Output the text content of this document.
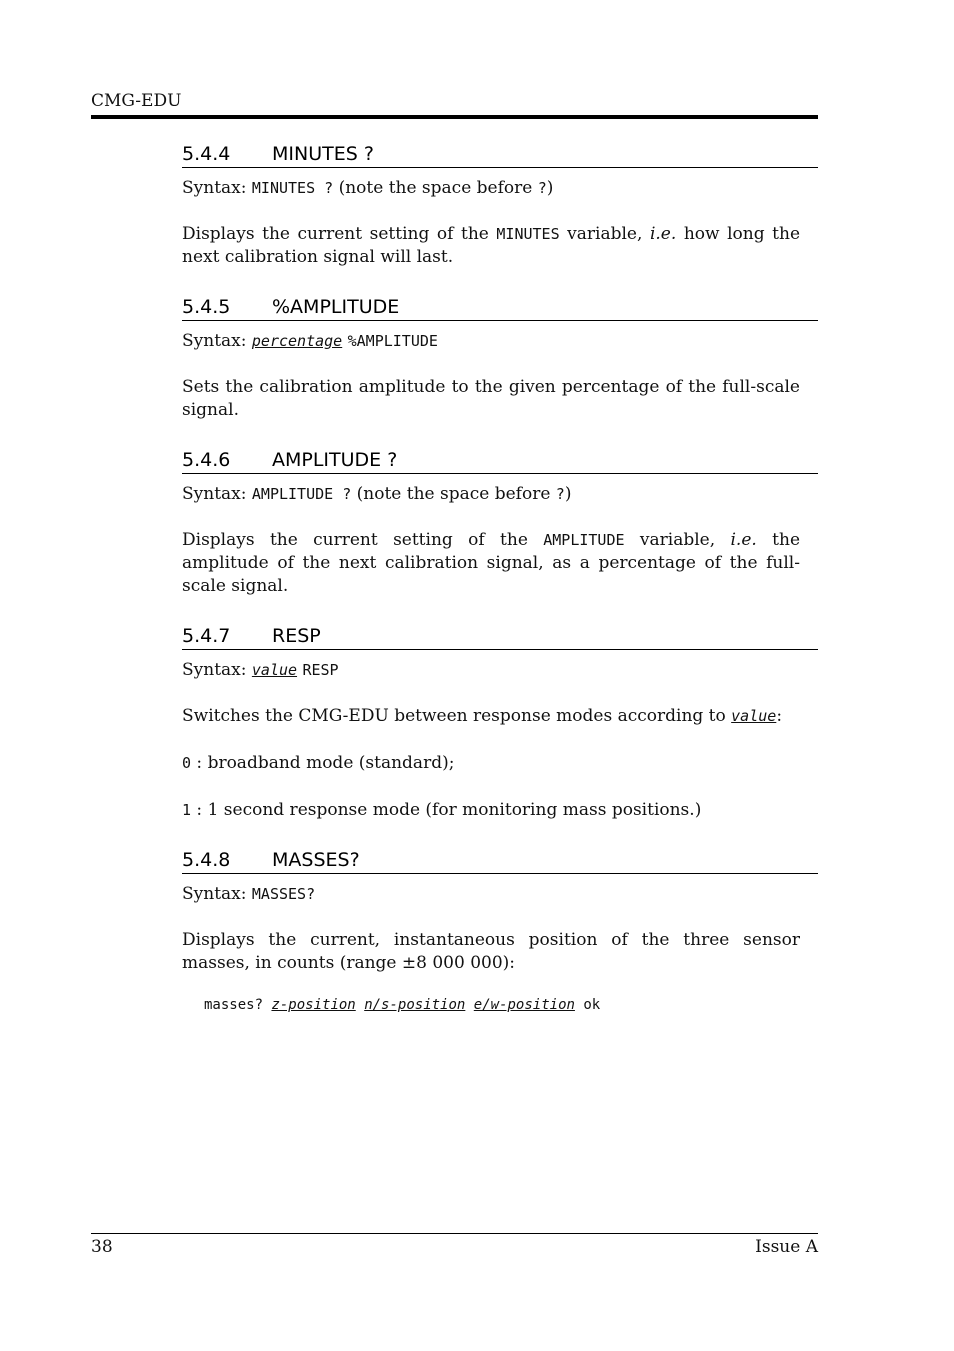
CMG-EDU
5.4.4	MINUTES ?

Syntax: MINUTES ? (note the space before ?)

Displays the current setting of the MINUTES variable, i.e. how long the next calibration signal will last.

5.4.5	%AMPLITUDE

Syntax: percentage %AMPLITUDE

Sets the calibration amplitude to the given percentage of the full-scale signal.

5.4.6	AMPLITUDE ?

Syntax: AMPLITUDE ? (note the space before ?)

Displays the current setting of the AMPLITUDE variable, i.e. the amplitude of the next calibration signal, as a percentage of the full-scale signal.

5.4.7	RESP

Syntax: value RESP

Switches the CMG-EDU between response modes according to value:

0 : broadband mode (standard);

1 : 1 second response mode (for monitoring mass positions.)

5.4.8	MASSES?

Syntax: MASSES?

Displays the current, instantaneous position of the three sensor masses, in counts (range ±8 000 000):

masses? z-position n/s-position e/w-position ok
38	Issue A
